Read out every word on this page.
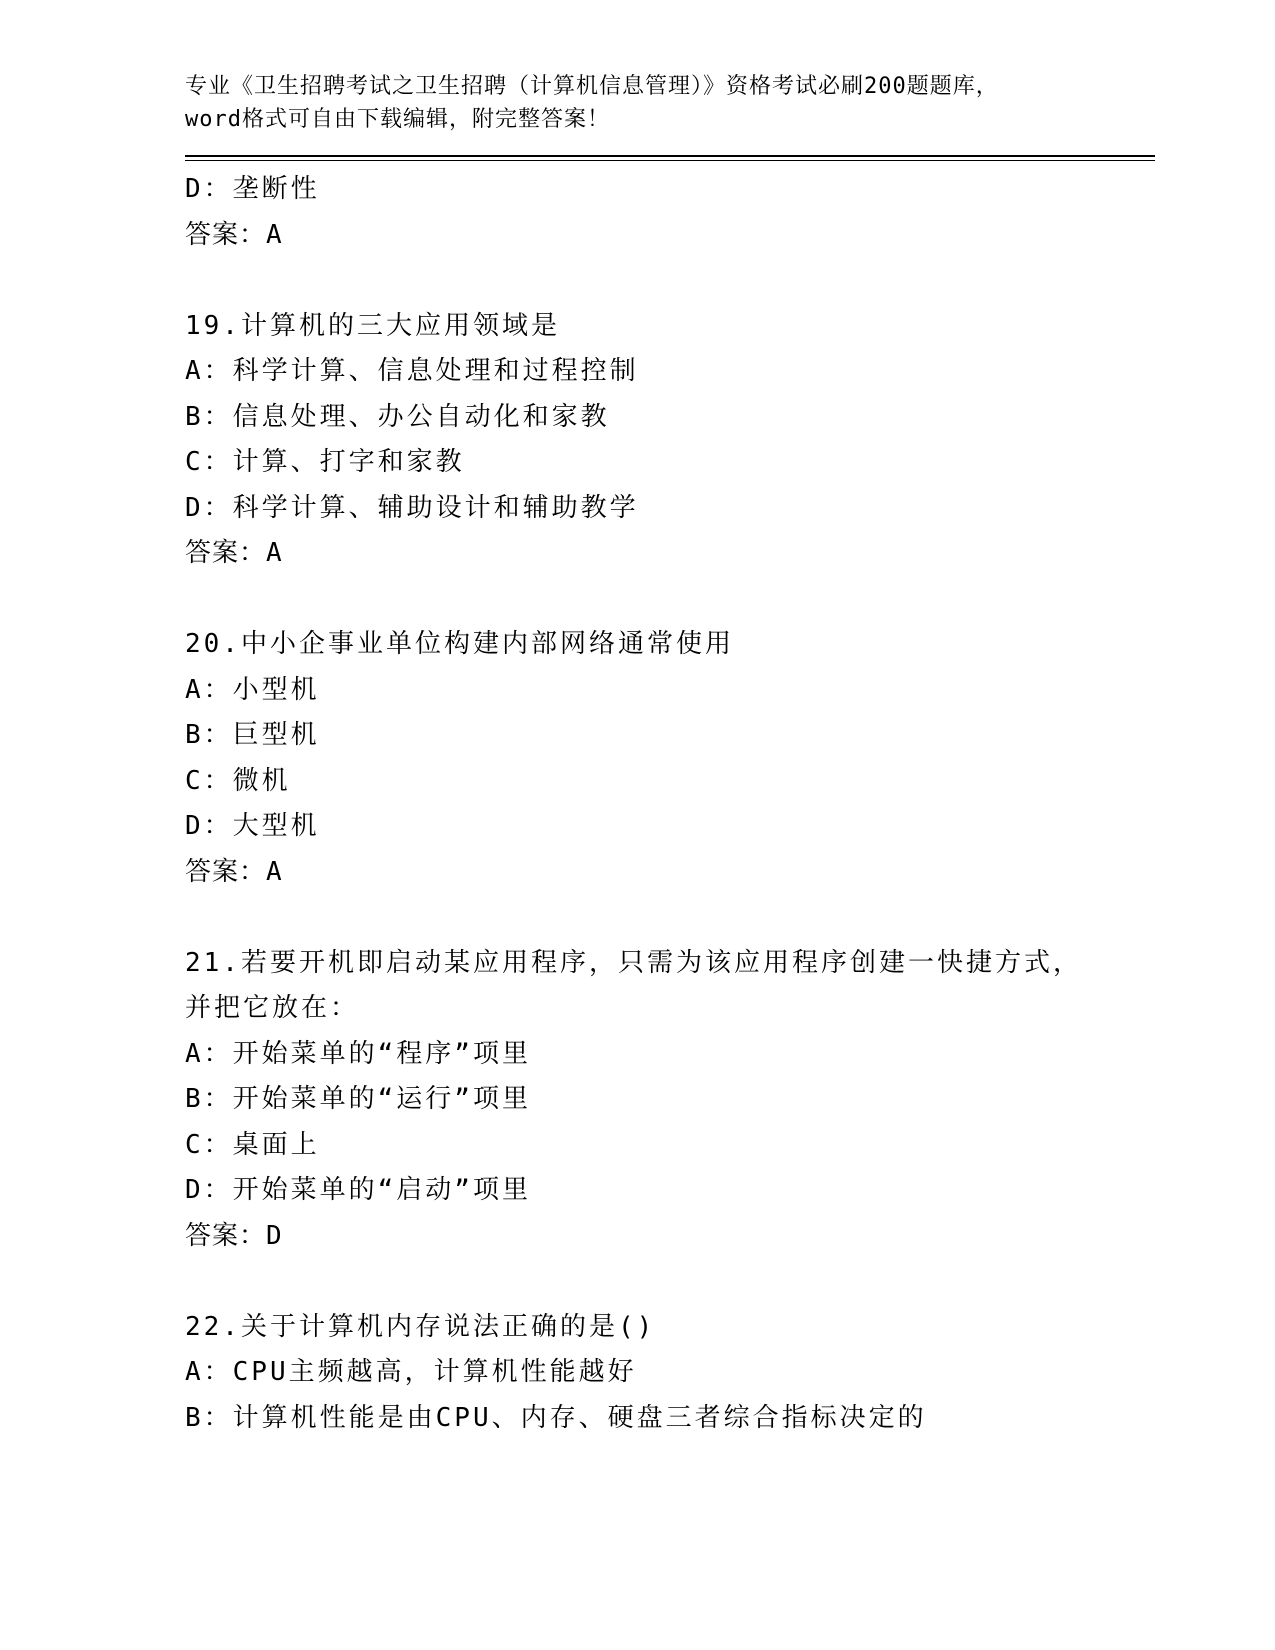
专业《卫生招聘考试之卫生招聘（计算机信息管理）》资格考试必刷200题题库，
word格式可自由下载编辑，附完整答案！
D：垄断性
答案：A
19.计算机的三大应用领域是
A：科学计算、信息处理和过程控制
B：信息处理、办公自动化和家教
C：计算、打字和家教
D：科学计算、辅助设计和辅助教学
答案：A
20.中小企事业单位构建内部网络通常使用
A：小型机
B：巨型机
C：微机
D：大型机
答案：A
21.若要开机即启动某应用程序，只需为该应用程序创建一快捷方式，
并把它放在：
A：开始菜单的“程序”项里
B：开始菜单的“运行”项里
C：桌面上
D：开始菜单的“启动”项里
答案：D
22.关于计算机内存说法正确的是()
A：CPU主频越高，计算机性能越好
B：计算机性能是由CPU、内存、硬盘三者综合指标决定的
